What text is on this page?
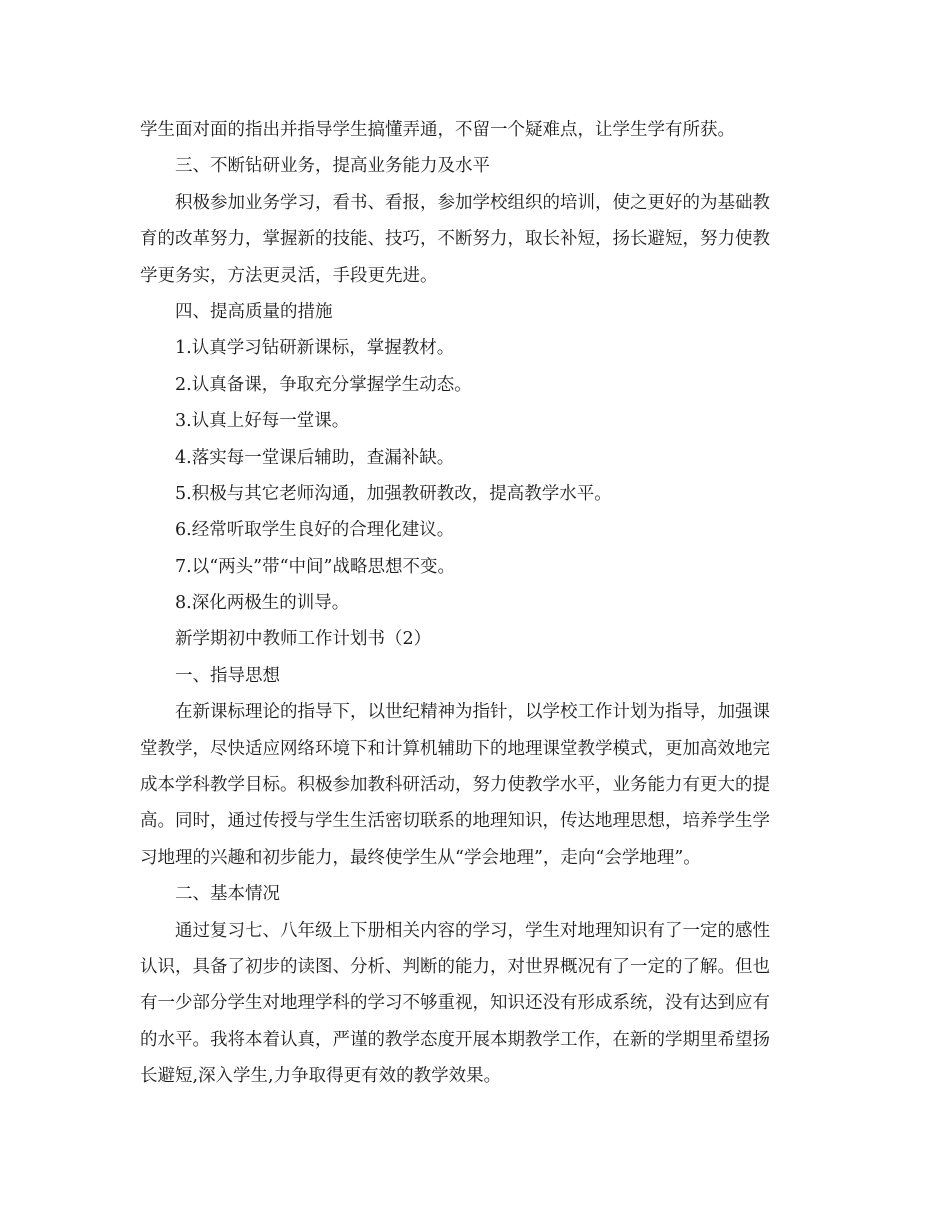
学生面对面的指出并指导学生搞懂弄通，不留一个疑难点，让学生学有所获。
三、不断钻研业务，提高业务能力及水平
积极参加业务学习，看书、看报，参加学校组织的培训，使之更好的为基础教
育的改革努力，掌握新的技能、技巧，不断努力，取长补短，扬长避短，努力使教
学更务实，方法更灵活，手段更先进。
四、提高质量的措施
1.认真学习钻研新课标，掌握教材。
2.认真备课，争取充分掌握学生动态。
3.认真上好每一堂课。
4.落实每一堂课后辅助，查漏补缺。
5.积极与其它老师沟通，加强教研教改，提高教学水平。
6.经常听取学生良好的合理化建议。
7.以“两头”带“中间”战略思想不变。
8.深化两极生的训导。
新学期初中教师工作计划书（2）
一、指导思想
在新课标理论的指导下，以世纪精神为指针，以学校工作计划为指导，加强课
堂教学，尽快适应网络环境下和计算机辅助下的地理课堂教学模式，更加高效地完
成本学科教学目标。积极参加教科研活动，努力使教学水平，业务能力有更大的提
高。同时，通过传授与学生生活密切联系的地理知识，传达地理思想，培养学生学
习地理的兴趣和初步能力，最终使学生从“学会地理”，走向“会学地理”。
二、基本情况
通过复习七、八年级上下册相关内容的学习，学生对地理知识有了一定的感性
认识，具备了初步的读图、分析、判断的能力，对世界概况有了一定的了解。但也
有一少部分学生对地理学科的学习不够重视，知识还没有形成系统，没有达到应有
的水平。我将本着认真，严谨的教学态度开展本期教学工作，在新的学期里希望扬
长避短,深入学生,力争取得更有效的教学效果。
